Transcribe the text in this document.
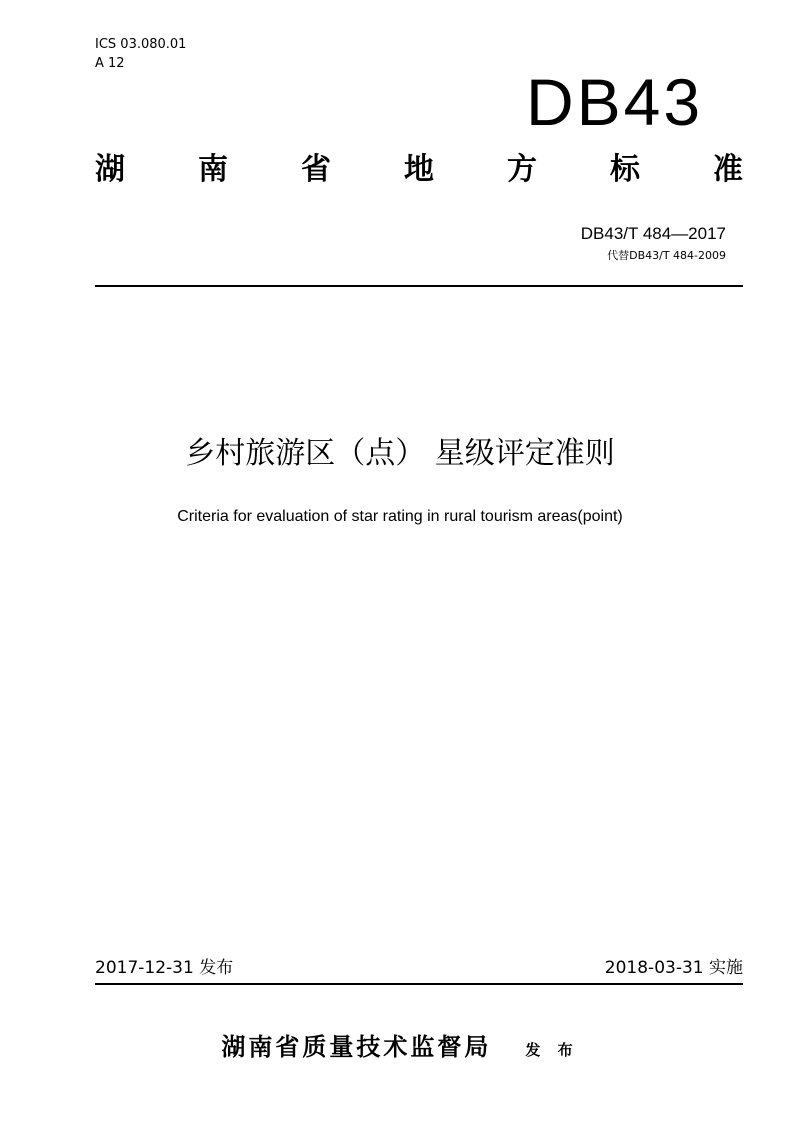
ICS 03.080.01
A 12
DB43
湖 南 省 地 方 标 准
DB43/T 484—2017
代替DB43/T 484-2009
乡村旅游区（点） 星级评定准则
Criteria for evaluation of star rating in rural tourism areas(point)
2017-12-31 发布	2018-03-31 实施
湖南省质量技术监督局 发 布
